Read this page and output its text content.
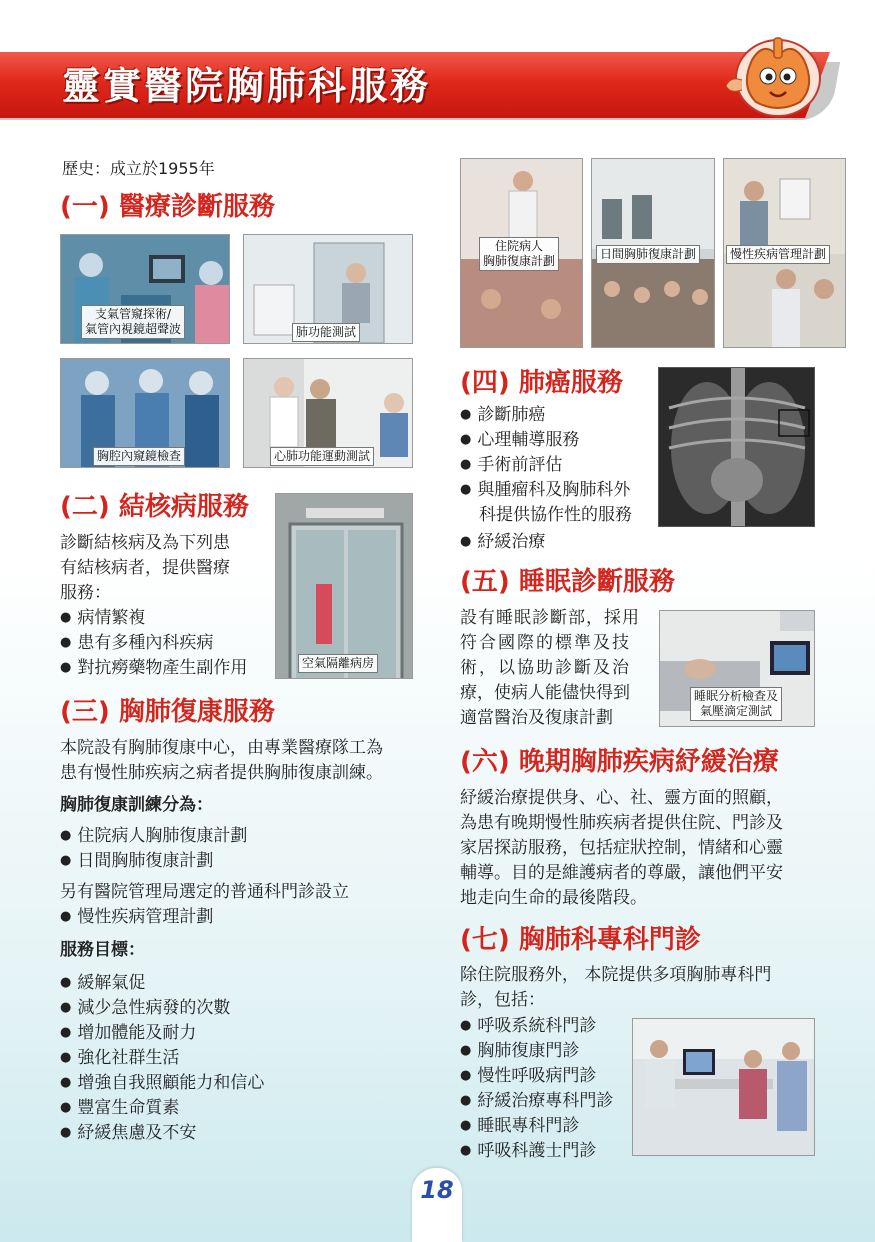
靈實醫院胸肺科服務
歷史：成立於1955年
(一) 醫療診斷服務
支氣管窺探術/
氣管內視鏡超聲波	肺功能測試
胸腔內窺鏡檢查	心肺功能運動測試
(二) 結核病服務
診斷結核病及為下列患
有結核病者，提供醫療
服務：
● 病情繁複
● 患有多種內科疾病
● 對抗癆藥物產生副作用	空氣隔離病房
(三) 胸肺復康服務
本院設有胸肺復康中心，由專業醫療隊工為
患有慢性肺疾病之病者提供胸肺復康訓練。
胸肺復康訓練分為：
● 住院病人胸肺復康計劃
● 日間胸肺復康計劃
另有醫院管理局選定的普通科門診設立
● 慢性疾病管理計劃
服務目標：
● 緩解氣促
● 減少急性病發的次數
● 增加體能及耐力
● 強化社群生活
● 增強自我照顧能力和信心
● 豐富生命質素
● 紓緩焦慮及不安
住院病人
胸肺復康計劃	日間胸肺復康計劃	慢性疾病管理計劃
(四) 肺癌服務
● 診斷肺癌
● 心理輔導服務
● 手術前評估
● 與腫瘤科及胸肺科外
科提供協作性的服務
● 紓緩治療
(五) 睡眠診斷服務
設有睡眠診斷部，採用
符合國際的標準及技
術，以協助診斷及治
療，使病人能儘快得到
適當醫治及復康計劃
睡眠分析檢查及
氣壓滴定測試
(六) 晚期胸肺疾病紓緩治療
紓緩治療提供身、心、社、靈方面的照顧，
為患有晚期慢性肺疾病者提供住院、門診及
家居探訪服務，包括症狀控制，情緒和心靈
輔導。目的是維護病者的尊嚴，讓他們平安
地走向生命的最後階段。
(七) 胸肺科專科門診
除住院服務外， 本院提供多項胸肺專科門
診，包括：
● 呼吸系統科門診
● 胸肺復康門診
● 慢性呼吸病門診
● 紓緩治療專科門診
● 睡眠專科門診
● 呼吸科護士門診
18
